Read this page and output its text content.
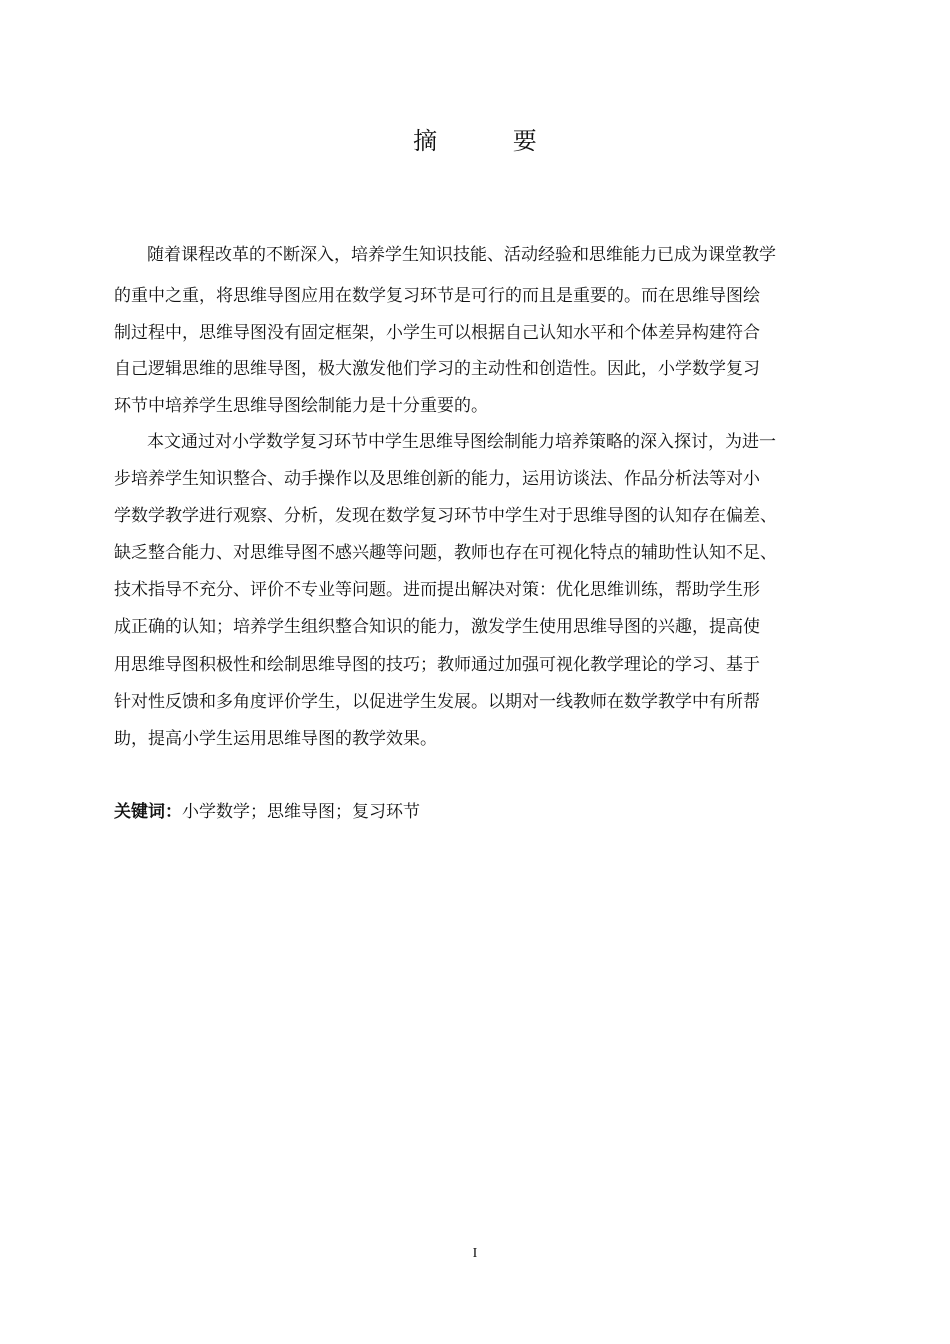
摘 要
随着课程改革的不断深入，培养学生知识技能、活动经验和思维能力已成为课堂教学
的重中之重，将思维导图应用在数学复习环节是可行的而且是重要的。而在思维导图绘
制过程中，思维导图没有固定框架，小学生可以根据自己认知水平和个体差异构建符合
自己逻辑思维的思维导图，极大激发他们学习的主动性和创造性。因此，小学数学复习
环节中培养学生思维导图绘制能力是十分重要的。
本文通过对小学数学复习环节中学生思维导图绘制能力培养策略的深入探讨，为进一
步培养学生知识整合、动手操作以及思维创新的能力，运用访谈法、作品分析法等对小
学数学教学进行观察、分析，发现在数学复习环节中学生对于思维导图的认知存在偏差、
缺乏整合能力、对思维导图不感兴趣等问题，教师也存在可视化特点的辅助性认知不足、
技术指导不充分、评价不专业等问题。进而提出解决对策：优化思维训练，帮助学生形
成正确的认知；培养学生组织整合知识的能力，激发学生使用思维导图的兴趣，提高使
用思维导图积极性和绘制思维导图的技巧；教师通过加强可视化教学理论的学习、基于
针对性反馈和多角度评价学生，以促进学生发展。以期对一线教师在数学教学中有所帮
助，提高小学生运用思维导图的教学效果。
关键词：小学数学；思维导图；复习环节
I
